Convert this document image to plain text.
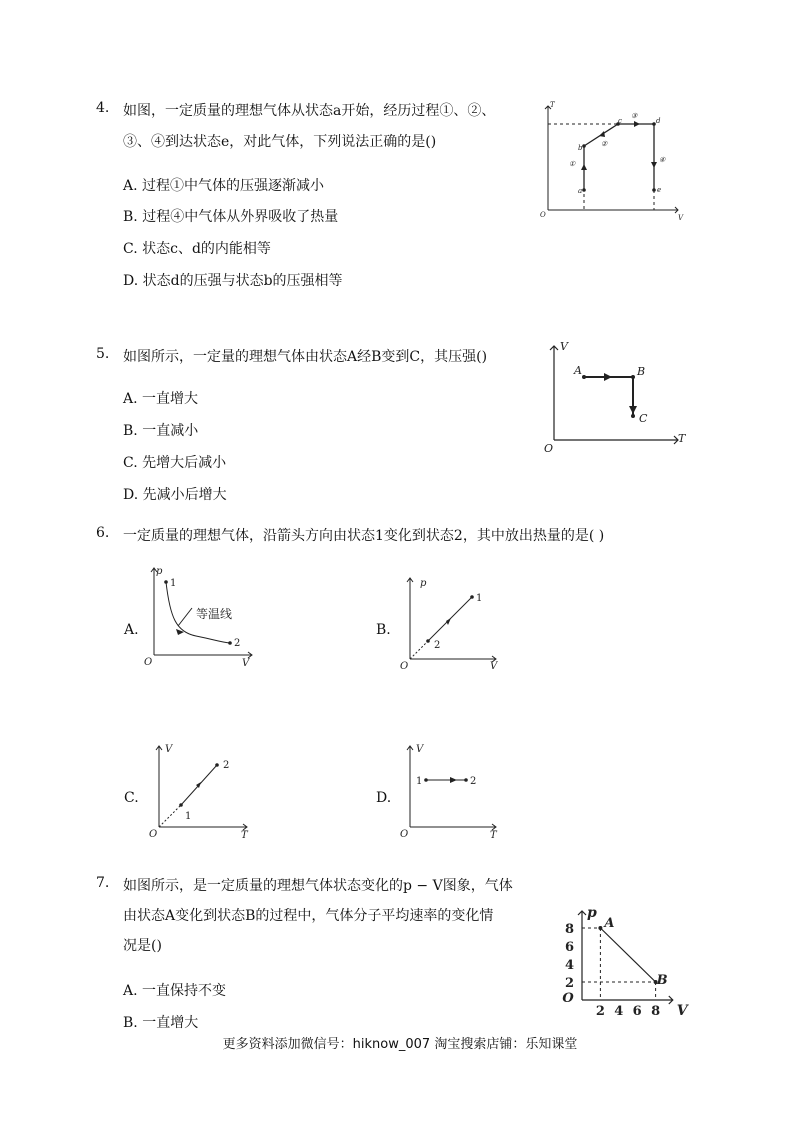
4. 如图，一定质量的理想气体从状态a开始，经历过程①、②、
③、④到达状态e，对此气体，下列说法正确的是()
A. 过程①中气体的压强逐渐减小
B. 过程④中气体从外界吸收了热量
C. 状态c、d的内能相等
D. 状态d的压强与状态b的压强相等
T
V
O
a
b
c	d
e
①
②
③
④
5. 如图所示，一定量的理想气体由状态A经B变到C，其压强()
A. 一直增大
B. 一直减小
C. 先增大后减小
D. 先减小后增大
V
T
O
A	B
C
6. 一定质量的理想气体，沿箭头方向由状态1变化到状态2，其中放出热量的是( )
A.
p
V
O
1
2
等温线
B.
p
V
O
1
2
C.
V
T
O
1
2
D.
V
T
O
1	2
7. 如图所示，是一定质量的理想气体状态变化的p − V图象，气体
由状态A变化到状态B的过程中，气体分子平均速率的变化情
况是()
A. 一直保持不变
B. 一直增大
2 4 6 8
2
4
6
8
V
p
O
A
B
更多资料添加微信号：hiknow_007 淘宝搜索店铺：乐知课堂
